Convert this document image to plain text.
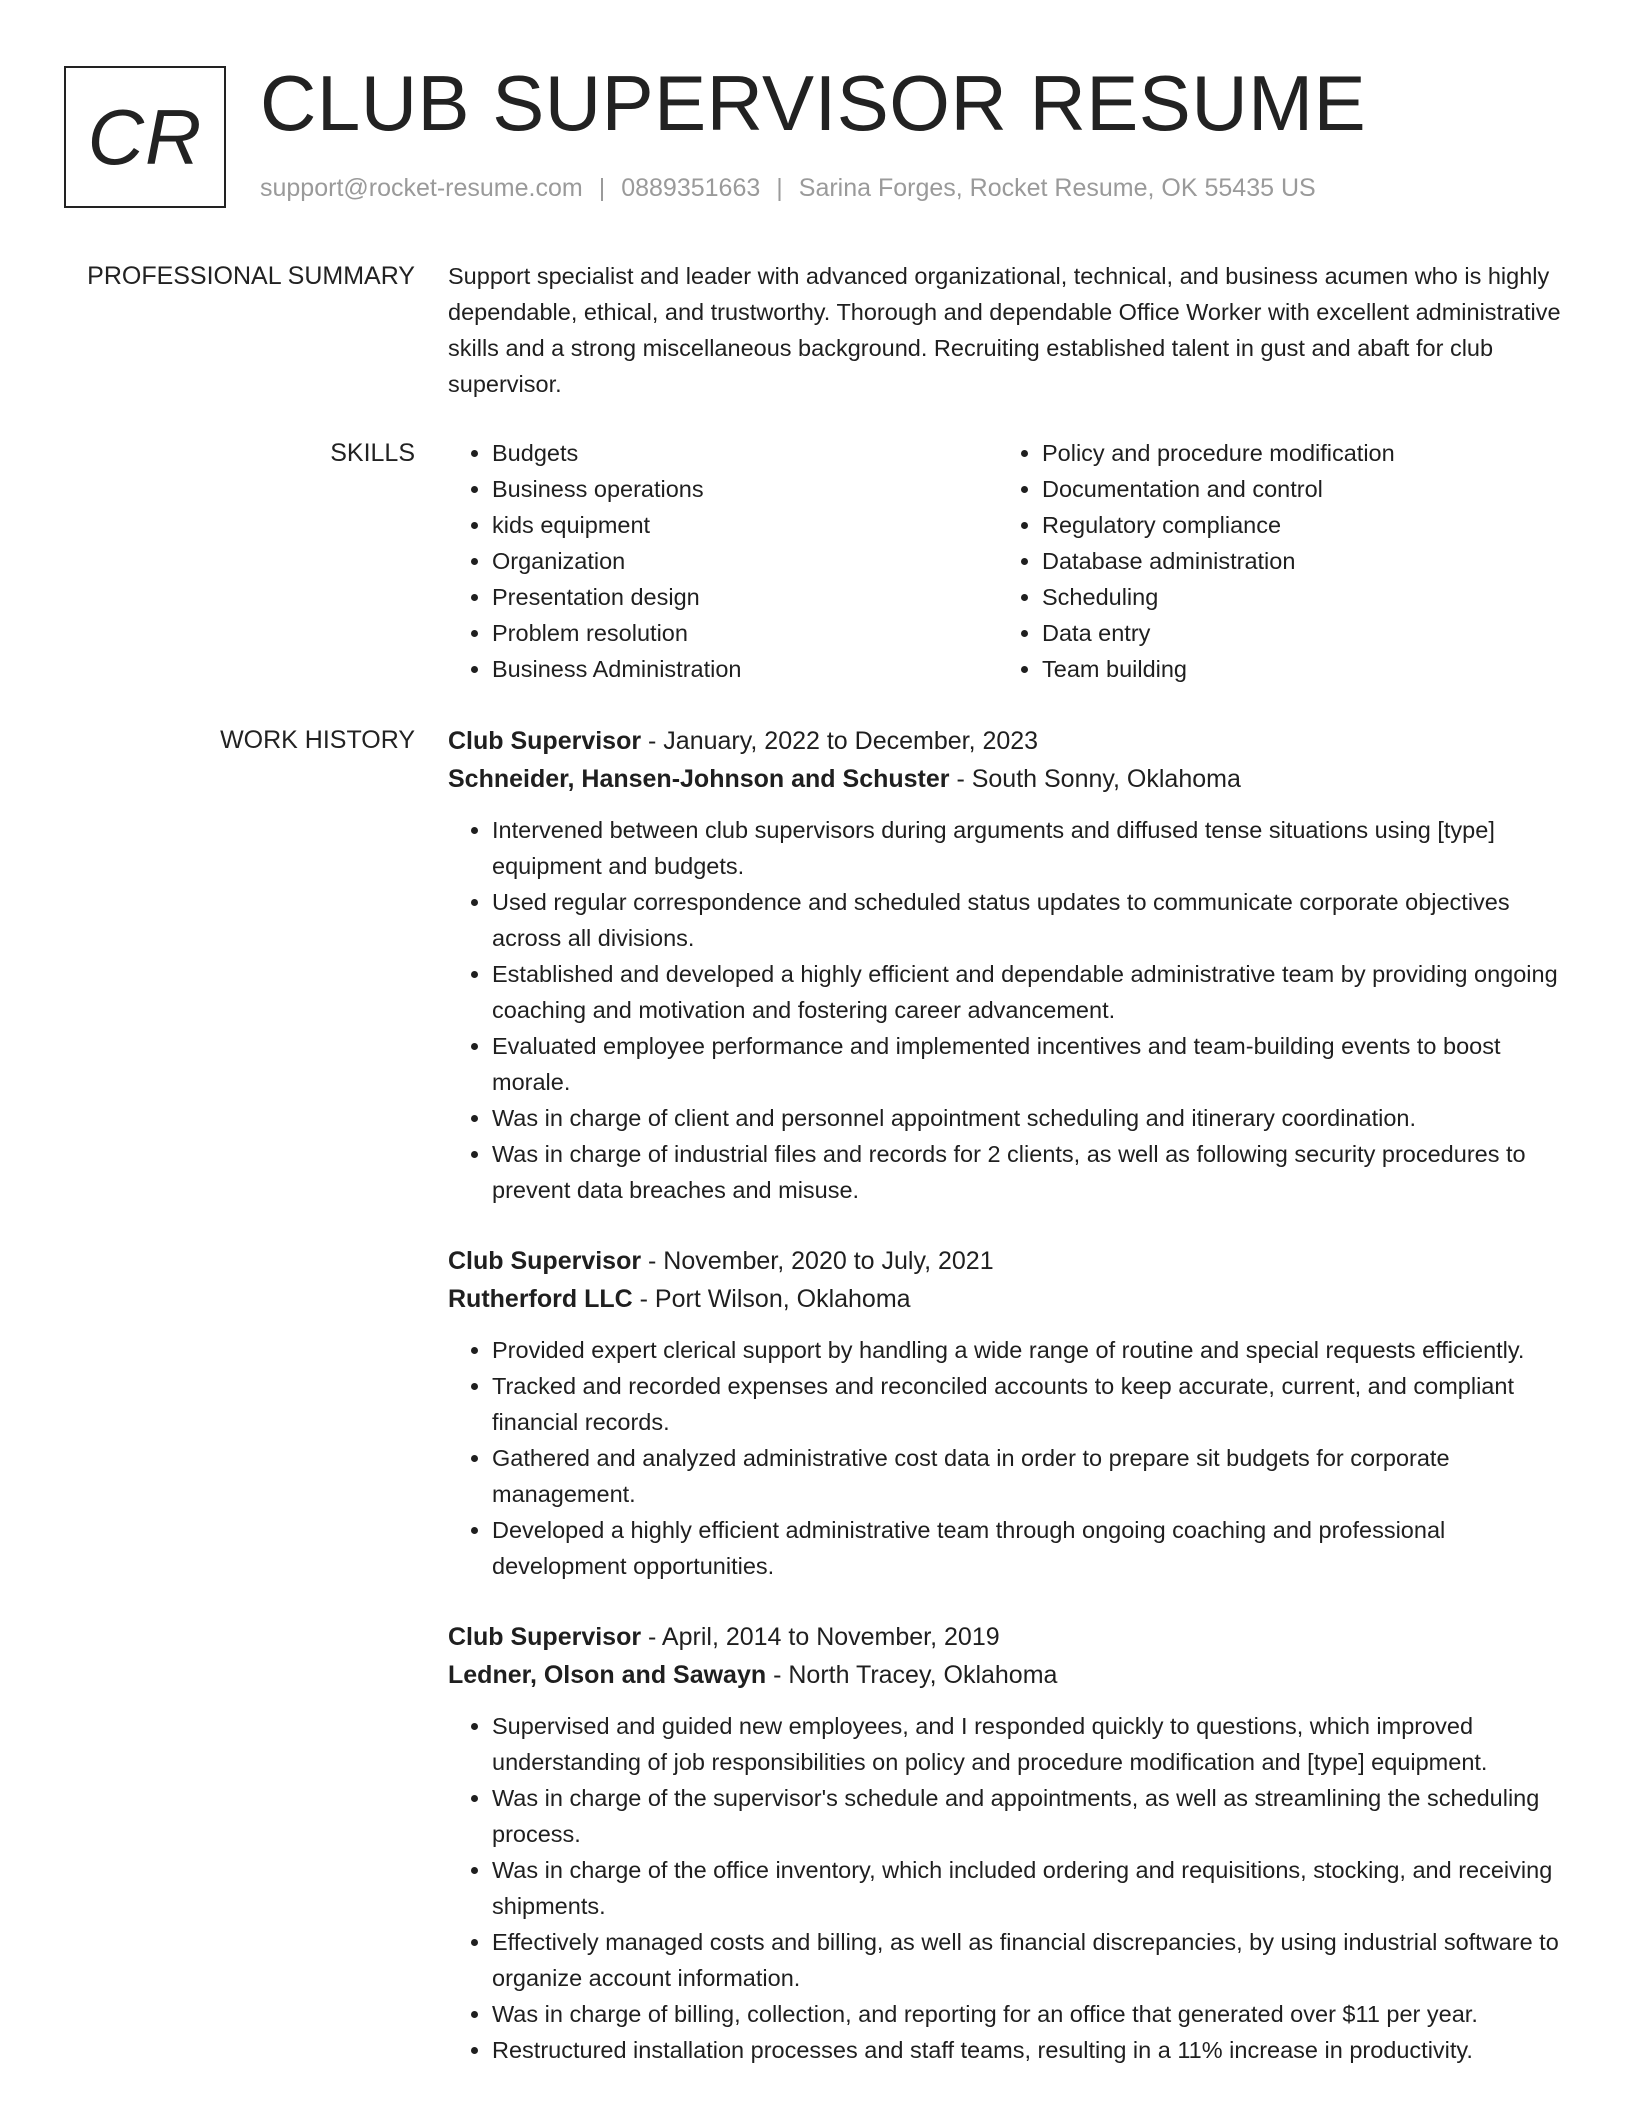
CR CLUB SUPERVISOR RESUME
support@rocket-resume.com | 0889351663 | Sarina Forges, Rocket Resume, OK 55435 US
PROFESSIONAL SUMMARY Support specialist and leader with advanced organizational, technical, and business acumen who is highly dependable, ethical, and trustworthy. Thorough and dependable Office Worker with excellent administrative skills and a strong miscellaneous background. Recruiting established talent in gust and abaft for club supervisor.

SKILLS
•	Budgets
• Business operations
• kids equipment
• Organization
• Presentation design
• Problem resolution
• Business Administration
• Policy and procedure modification
• Documentation and control
• Regulatory compliance
• Database administration
• Scheduling
• Data entry
• Team building
WORK HISTORY Club Supervisor - January, 2022 to December, 2023
Schneider, Hansen-Johnson and Schuster - South Sonny, Oklahoma
• Intervened between club supervisors during arguments and diffused tense situations using [type] equipment and budgets.
• Used regular correspondence and scheduled status updates to communicate corporate objectives across all divisions.
• Established and developed a highly efficient and dependable administrative team by providing ongoing coaching and motivation and fostering career advancement.
• Evaluated employee performance and implemented incentives and team-building events to boost morale.
• Was in charge of client and personnel appointment scheduling and itinerary coordination.
• Was in charge of industrial files and records for 2 clients, as well as following security procedures to prevent data breaches and misuse.
Club Supervisor - November, 2020 to July, 2021
Rutherford LLC - Port Wilson, Oklahoma
• Provided expert clerical support by handling a wide range of routine and special requests efficiently.
• Tracked and recorded expenses and reconciled accounts to keep accurate, current, and compliant financial records.
• Gathered and analyzed administrative cost data in order to prepare sit budgets for corporate management.
• Developed a highly efficient administrative team through ongoing coaching and professional development opportunities.
Club Supervisor - April, 2014 to November, 2019
Ledner, Olson and Sawayn - North Tracey, Oklahoma
• Supervised and guided new employees, and I responded quickly to questions, which improved understanding of job responsibilities on policy and procedure modification and [type] equipment.
• Was in charge of the supervisor's schedule and appointments, as well as streamlining the scheduling process.
• Was in charge of the office inventory, which included ordering and requisitions, stocking, and receiving shipments.
• Effectively managed costs and billing, as well as financial discrepancies, by using industrial software to organize account information.
• Was in charge of billing, collection, and reporting for an office that generated over $11 per year.
• Restructured installation processes and staff teams, resulting in a 11% increase in productivity.
